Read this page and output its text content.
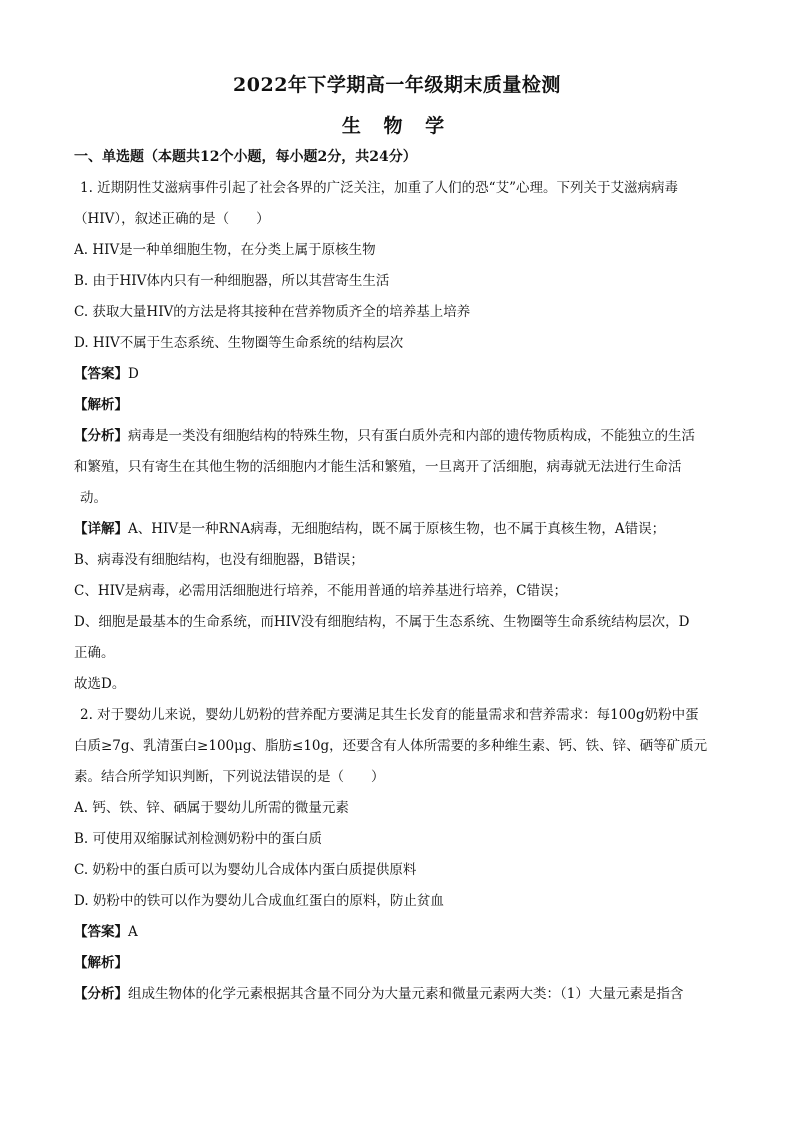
2022年下学期高一年级期末质量检测
生 物 学
一、单选题（本题共12个小题，每小题2分，共24分）
1. 近期阴性艾滋病事件引起了社会各界的广泛关注，加重了人们的恐“艾”心理。下列关于艾滋病病毒
（HIV），叙述正确的是（　　）
A. HIV是一种单细胞生物，在分类上属于原核生物
B. 由于HIV体内只有一种细胞器，所以其营寄生生活
C. 获取大量HIV的方法是将其接种在营养物质齐全的培养基上培养
D. HIV不属于生态系统、生物圈等生命系统的结构层次
【答案】D
【解析】
【分析】病毒是一类没有细胞结构的特殊生物，只有蛋白质外壳和内部的遗传物质构成，不能独立的生活
和繁殖，只有寄生在其他生物的活细胞内才能生活和繁殖，一旦离开了活细胞，病毒就无法进行生命活
动。
【详解】A、HIV是一种RNA病毒，无细胞结构，既不属于原核生物，也不属于真核生物，A错误；
B、病毒没有细胞结构，也没有细胞器，B错误；
C、HIV是病毒，必需用活细胞进行培养，不能用普通的培养基进行培养，C错误；
D、细胞是最基本的生命系统，而HIV没有细胞结构，不属于生态系统、生物圈等生命系统结构层次，D
正确。
故选D。
2. 对于婴幼儿来说，婴幼儿奶粉的营养配方要满足其生长发育的能量需求和营养需求：每100g奶粉中蛋
白质≥7g、乳清蛋白≥100μg、脂肪≤10g，还要含有人体所需要的多种维生素、钙、铁、锌、硒等矿质元
素。结合所学知识判断，下列说法错误的是（　　）
A. 钙、铁、锌、硒属于婴幼儿所需的微量元素
B. 可使用双缩脲试剂检测奶粉中的蛋白质
C. 奶粉中的蛋白质可以为婴幼儿合成体内蛋白质提供原料
D. 奶粉中的铁可以作为婴幼儿合成血红蛋白的原料，防止贫血
【答案】A
【解析】
【分析】组成生物体的化学元素根据其含量不同分为大量元素和微量元素两大类：（1）大量元素是指含
